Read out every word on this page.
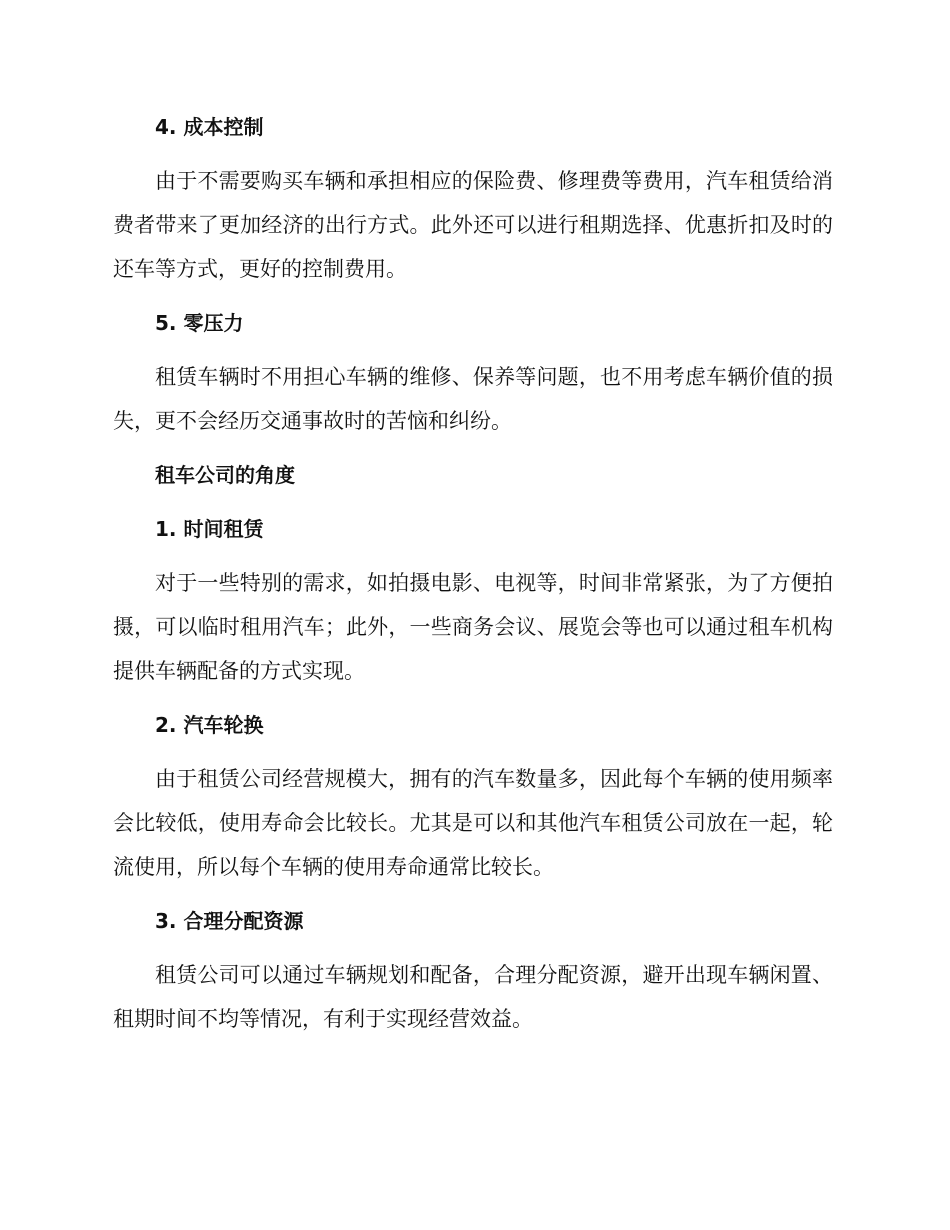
4. 成本控制

由于不需要购买车辆和承担相应的保险费、修理费等费用，汽车租赁给消费者带来了更加经济的出行方式。此外还可以进行租期选择、优惠折扣及时的还车等方式，更好的控制费用。

5. 零压力

租赁车辆时不用担心车辆的维修、保养等问题，也不用考虑车辆价值的损失，更不会经历交通事故时的苦恼和纠纷。

租车公司的角度
1. 时间租赁

对于一些特别的需求，如拍摄电影、电视等，时间非常紧张，为了方便拍摄，可以临时租用汽车；此外，一些商务会议、展览会等也可以通过租车机构提供车辆配备的方式实现。

2. 汽车轮换

由于租赁公司经营规模大，拥有的汽车数量多，因此每个车辆的使用频率会比较低，使用寿命会比较长。尤其是可以和其他汽车租赁公司放在一起，轮流使用，所以每个车辆的使用寿命通常比较长。

3. 合理分配资源

租赁公司可以通过车辆规划和配备，合理分配资源，避开出现车辆闲置、租期时间不均等情况，有利于实现经营效益。
